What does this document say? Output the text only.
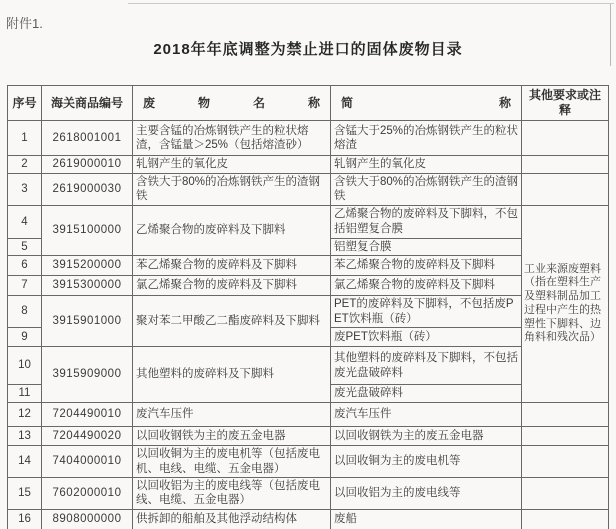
附件1.
2018年年底调整为禁止进口的固体废物目录
序号	海关商品编号	废物名称	简称	其他要求或注释
1	2618001001	主要含锰的冶炼钢铁产生的粒状熔渣，含锰量＞25%（包括熔渣砂）	含锰大于25%的冶炼钢铁产生的粒状熔渣	
2	2619000010	轧钢产生的氧化皮	轧钢产生的氧化皮	
3	2619000030	含铁大于80%的冶炼钢铁产生的渣钢铁	含铁大于80%的冶炼钢铁产生的渣钢铁	
4	3915100000	乙烯聚合物的废碎料及下脚料	乙烯聚合物的废碎料及下脚料，不包括铝塑复合膜	工业来源废塑料（指在塑料生产及塑料制品加工过程中产生的热塑性下脚料、边角料和残次品）
5			铝塑复合膜	
6	3915200000	苯乙烯聚合物的废碎料及下脚料	苯乙烯聚合物的废碎料及下脚料	
7	3915300000	氯乙烯聚合物的废碎料及下脚料	氯乙烯聚合物的废碎料及下脚料	
8	3915901000	聚对苯二甲酸乙二酯废碎料及下脚料	PET的废碎料及下脚料，不包括废PET饮料瓶（砖）	
9			废PET饮料瓶（砖）	
10	3915909000	其他塑料的废碎料及下脚料	其他塑料的废碎料及下脚料，不包括废光盘破碎料	
11			废光盘破碎料	
12	7204490010	废汽车压件	废汽车压件	
13	7204490020	以回收钢铁为主的废五金电器	以回收钢铁为主的废五金电器	
14	7404000010	以回收铜为主的废电机等（包括废电机、电线、电缆、五金电器）	以回收铜为主的废电机等	
15	7602000010	以回收铝为主的废电线等（包括废电线、电缆、五金电器）	以回收铝为主的废电线等	
16	8908000000	供拆卸的船舶及其他浮动结构体	废船	
